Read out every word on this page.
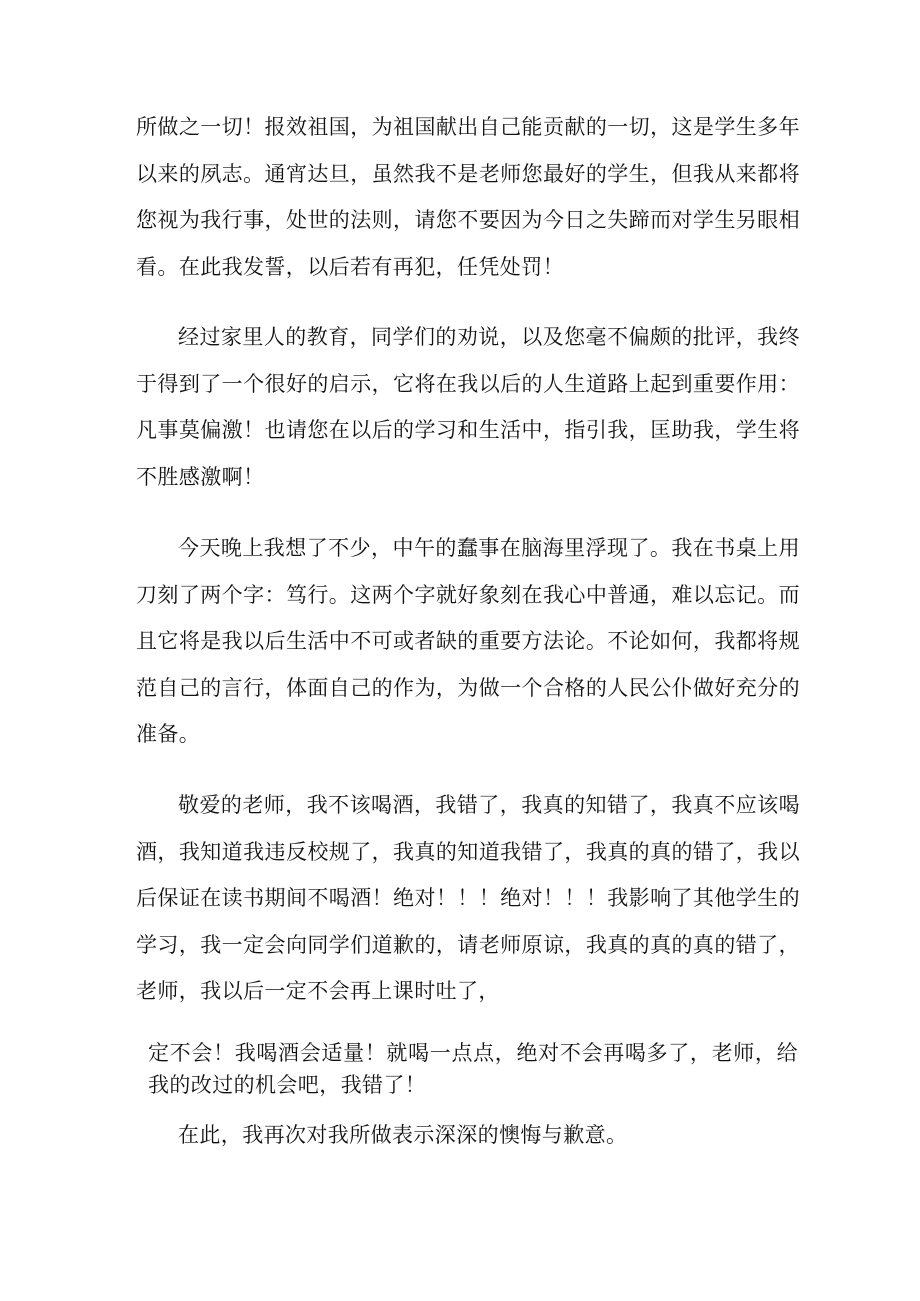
所做之一切！报效祖国，为祖国献出自己能贡献的一切，这是学生多年以来的夙志。通宵达旦，虽然我不是老师您最好的学生，但我从来都将您视为我行事，处世的法则，请您不要因为今日之失蹄而对学生另眼相看。在此我发誓，以后若有再犯，任凭处罚！

经过家里人的教育，同学们的劝说，以及您毫不偏颇的批评，我终于得到了一个很好的启示，它将在我以后的人生道路上起到重要作用：凡事莫偏激！也请您在以后的学习和生活中，指引我，匡助我，学生将不胜感激啊！

今天晚上我想了不少，中午的蠢事在脑海里浮现了。我在书桌上用刀刻了两个字：笃行。这两个字就好象刻在我心中普通，难以忘记。而且它将是我以后生活中不可或者缺的重要方法论。不论如何，我都将规范自己的言行，体面自己的作为，为做一个合格的人民公仆做好充分的准备。

敬爱的老师，我不该喝酒，我错了，我真的知错了，我真不应该喝酒，我知道我违反校规了，我真的知道我错了，我真的真的错了，我以后保证在读书期间不喝酒！绝对！！！绝对！！！我影响了其他学生的学习，我一定会向同学们道歉的，请老师原谅，我真的真的真的错了，老师，我以后一定不会再上课时吐了，

定不会！我喝酒会适量！就喝一点点，绝对不会再喝多了，老师，给我的改过的机会吧，我错了！

在此，我再次对我所做表示深深的懊悔与歉意。
